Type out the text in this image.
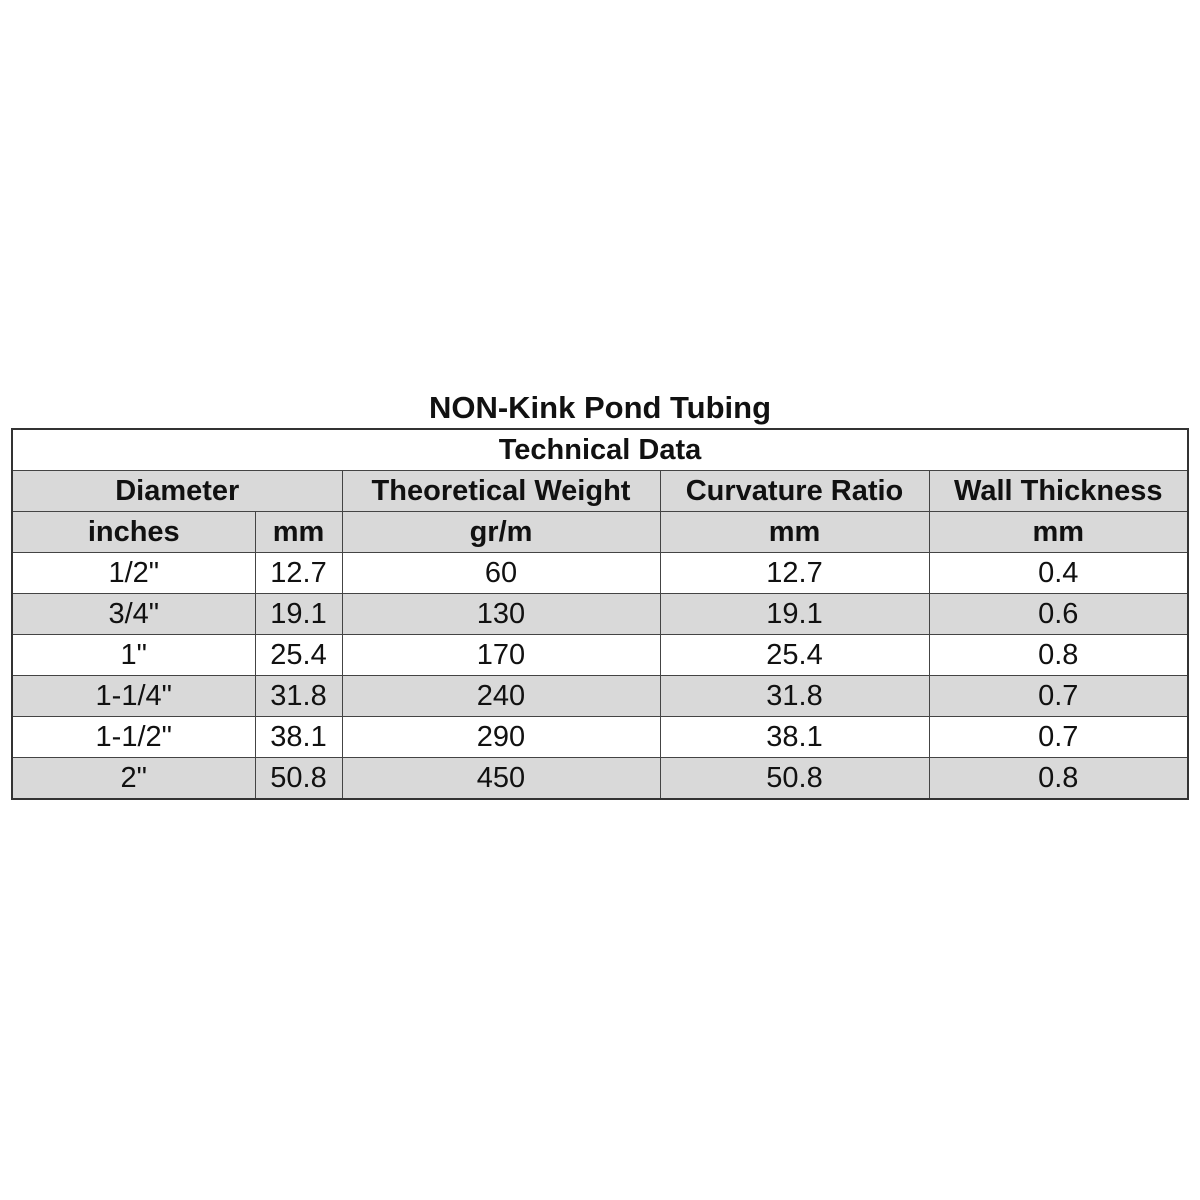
NON-Kink Pond Tubing
Technical Data				
Diameter		Theoretical Weight	Curvature Ratio	Wall Thickness
inches	mm	gr/m	mm	mm
1/2"	12.7	60	12.7	0.4
3/4"	19.1	130	19.1	0.6
1"	25.4	170	25.4	0.8
1-1/4"	31.8	240	31.8	0.7
1-1/2"	38.1	290	38.1	0.7
2"	50.8	450	50.8	0.8
